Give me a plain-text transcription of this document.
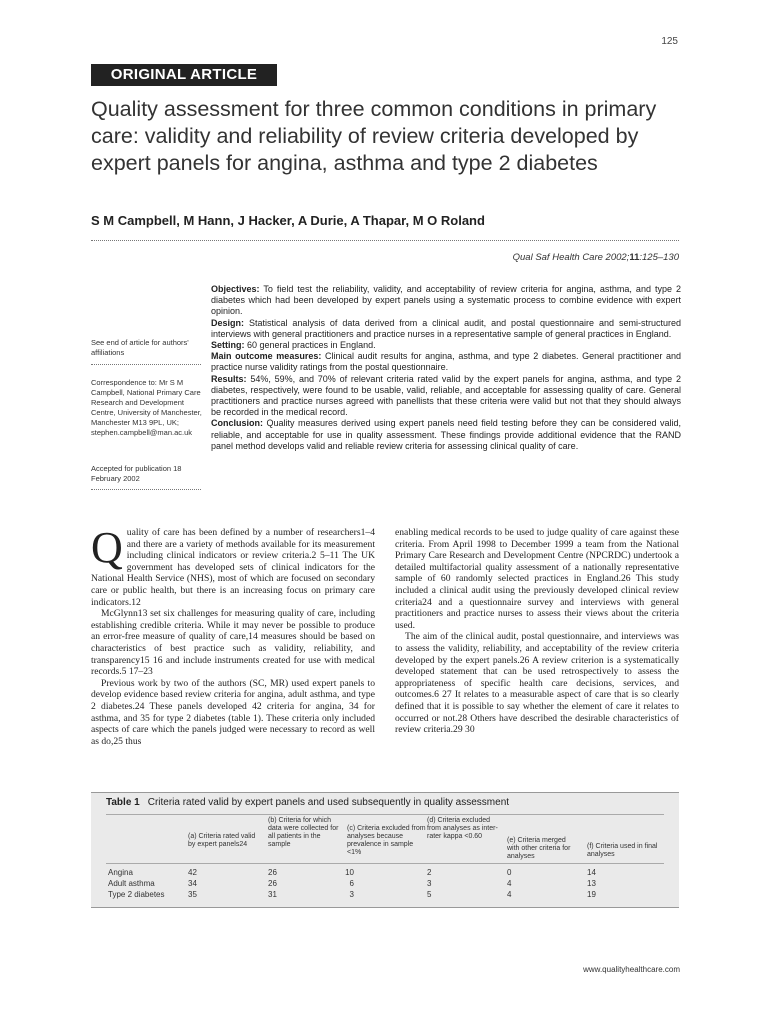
125
ORIGINAL ARTICLE
Quality assessment for three common conditions in primary care: validity and reliability of review criteria developed by expert panels for angina, asthma and type 2 diabetes
S M Campbell, M Hann, J Hacker, A Durie, A Thapar, M O Roland
Qual Saf Health Care 2002;11:125–130
See end of article for authors' affiliations
Correspondence to: Mr S M Campbell, National Primary Care Research and Development Centre, University of Manchester, Manchester M13 9PL, UK; stephen.campbell@man.ac.uk
Accepted for publication 18 February 2002

Objectives: To field test the reliability, validity, and acceptability of review criteria for angina, asthma, and type 2 diabetes which had been developed by expert panels using a systematic process to combine evidence with expert opinion.

Design: Statistical analysis of data derived from a clinical audit, and postal questionnaire and semi-structured interviews with general practitioners and practice nurses in a representative sample of general practices in England.

Setting: 60 general practices in England.

Main outcome measures: Clinical audit results for angina, asthma, and type 2 diabetes. General practitioner and practice nurse validity ratings from the postal questionnaire.

Results: 54%, 59%, and 70% of relevant criteria rated valid by the expert panels for angina, asthma, and type 2 diabetes, respectively, were found to be usable, valid, reliable, and acceptable for assessing quality of care. General practitioners and practice nurses agreed with panellists that these criteria were valid but not that they should always be recorded in the medical record.

Conclusion: Quality measures derived using expert panels need field testing before they can be considered valid, reliable, and acceptable for use in quality assessment. These findings provide additional evidence that the RAND panel method develops valid and reliable review criteria for assessing clinical quality of care.

Q uality of care has been defined by a number of researchers1–4 and there are a variety of methods available for its measurement including clinical indicators or review criteria.2 5–11 The UK government has developed sets of clinical indicators for the National Health Service (NHS), most of which are focused on secondary care or public health, but there is an increasing focus on primary care indicators.12

McGlynn13 set six challenges for measuring quality of care, including establishing credible criteria. While it may never be possible to produce an error-free measure of quality of care,14 measures should be based on characteristics of best practice such as validity, reliability, and transparency15 16 and include instruments created for use with medical records.5 17–23

Previous work by two of the authors (SC, MR) used expert panels to develop evidence based review criteria for angina, adult asthma, and type 2 diabetes.24 These panels developed 42 criteria for angina, 34 for asthma, and 35 for type 2 diabetes (table 1). These criteria only included aspects of care which the panels judged were necessary to record as well as do,25 thus

enabling medical records to be used to judge quality of care against these criteria. From April 1998 to December 1999 a team from the National Primary Care Research and Development Centre (NPCRDC) undertook a detailed multifactorial quality assessment of a nationally representative sample of 60 randomly selected practices in England.26 This study included a clinical audit using the previously developed clinical review criteria24 and a questionnaire survey and interviews with general practitioners and practice nurses to assess their views about the criteria used.

The aim of the clinical audit, postal questionnaire, and interviews was to assess the validity, reliability, and acceptability of the review criteria developed by the expert panels.26 A review criterion is a systematically developed statement that can be used retrospectively to assess the appropriateness of specific health care decisions, services, and outcomes.6 27 It relates to a measurable aspect of care that is so clearly defined that it is possible to say whether the element of care it relates to occurred or not.28 Others have described the desirable characteristics of review criteria.29 30

Table 1 Criteria rated valid by expert panels and used subsequently in quality assessment
(a) Criteria rated valid by expert panels24
(b) Criteria for which data were collected for all patients in the sample
(c) Criteria excluded from analyses because prevalence in sample <1%
(d) Criteria excluded from analyses as inter-rater kappa <0.60
(e) Criteria merged with other criteria for analyses
(f) Criteria used in final analyses
Angina	42	26	10	2	0	14
Adult asthma	34	26	6	3	4	13
Type 2 diabetes	35	31	3	5	4	19
www.qualityhealthcare.com
